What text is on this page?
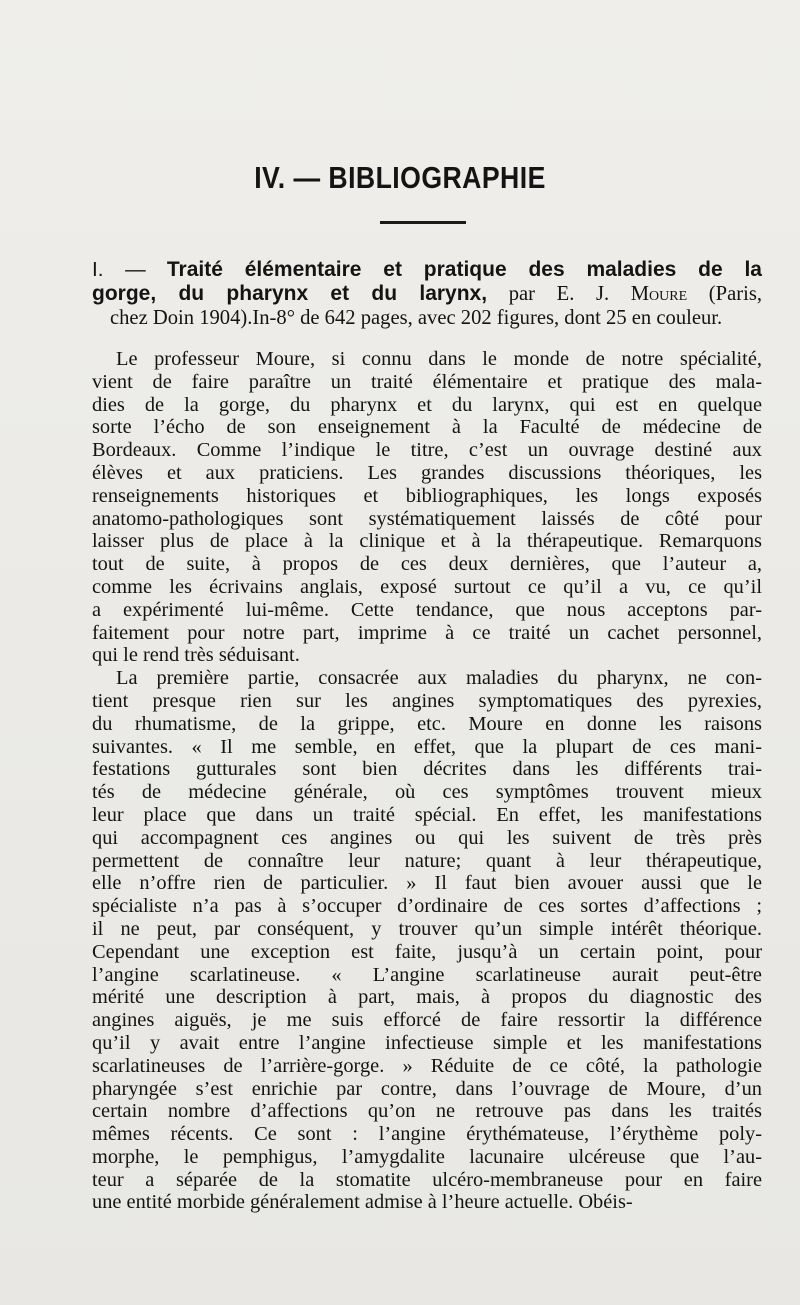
IV. — BIBLIOGRAPHIE
I. — Traité élémentaire et pratique des maladies de la
gorge, du pharynx et du larynx, par E. J. Moure (Paris,
chez Doin 1904).In-8° de 642 pages, avec 202 figures, dont 25 en couleur.
Le professeur Moure, si connu dans le monde de notre spécialité,
vient de faire paraître un traité élémentaire et pratique des mala-
dies de la gorge, du pharynx et du larynx, qui est en quelque
sorte l’écho de son enseignement à la Faculté de médecine de
Bordeaux. Comme l’indique le titre, c’est un ouvrage destiné aux
élèves et aux praticiens. Les grandes discussions théoriques, les
renseignements historiques et bibliographiques, les longs exposés
anatomo-pathologiques sont systématiquement laissés de côté pour
laisser plus de place à la clinique et à la thérapeutique. Remarquons
tout de suite, à propos de ces deux dernières, que l’auteur a,
comme les écrivains anglais, exposé surtout ce qu’il a vu, ce qu’il
a expérimenté lui-même. Cette tendance, que nous acceptons par-
faitement pour notre part, imprime à ce traité un cachet personnel,
qui le rend très séduisant.
La première partie, consacrée aux maladies du pharynx, ne con-
tient presque rien sur les angines symptomatiques des pyrexies,
du rhumatisme, de la grippe, etc. Moure en donne les raisons
suivantes. « Il me semble, en effet, que la plupart de ces mani-
festations gutturales sont bien décrites dans les différents trai-
tés de médecine générale, où ces symptômes trouvent mieux
leur place que dans un traité spécial. En effet, les manifestations
qui accompagnent ces angines ou qui les suivent de très près
permettent de connaître leur nature; quant à leur thérapeutique,
elle n’offre rien de particulier. » Il faut bien avouer aussi que le
spécialiste n’a pas à s’occuper d’ordinaire de ces sortes d’affections ;
il ne peut, par conséquent, y trouver qu’un simple intérêt théorique.
Cependant une exception est faite, jusqu’à un certain point, pour
l’angine scarlatineuse. « L’angine scarlatineuse aurait peut-être
mérité une description à part, mais, à propos du diagnostic des
angines aiguës, je me suis efforcé de faire ressortir la différence
qu’il y avait entre l’angine infectieuse simple et les manifestations
scarlatineuses de l’arrière-gorge. » Réduite de ce côté, la pathologie
pharyngée s’est enrichie par contre, dans l’ouvrage de Moure, d’un
certain nombre d’affections qu’on ne retrouve pas dans les traités
mêmes récents. Ce sont : l’angine érythémateuse, l’érythème poly-
morphe, le pemphigus, l’amygdalite lacunaire ulcéreuse que l’au-
teur a séparée de la stomatite ulcéro-membraneuse pour en faire
une entité morbide généralement admise à l’heure actuelle. Obéis-
